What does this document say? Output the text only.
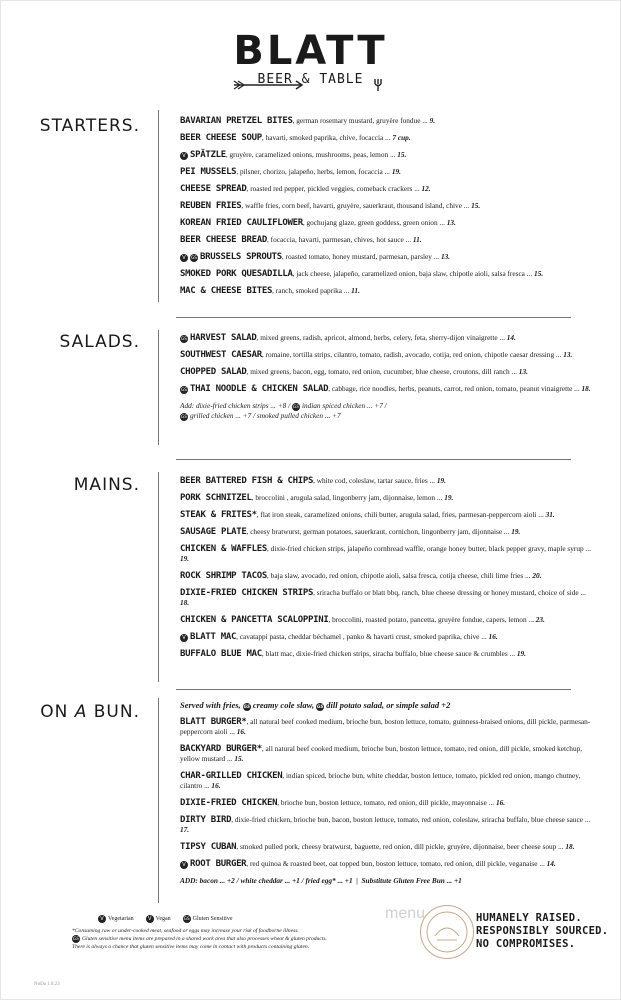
BLATT
BEER & TABLE
STARTERS.	BAVARIAN PRETZEL BITES, german rosemary mustard, gruyère fondue ... 9.
BEER CHEESE SOUP, havarti, smoked paprika, chive, focaccia ... 7 cup.
V SPÄTZLE, gruyère, caramelized onions, mushrooms, peas, lemon ... 15.
PEI MUSSELS, pilsner, chorizo, jalapeño, herbs, lemon, focaccia ... 19.
CHEESE SPREAD, roasted red pepper, pickled veggies, comeback crackers ... 12.
REUBEN FRIES, waffle fries, corn beef, havarti, gruyère, sauerkraut, thousand island, chive ... 15.
KOREAN FRIED CAULIFLOWER, gochujang glaze, green goddess, green onion ... 13.
BEER CHEESE BREAD, focaccia, havarti, parmesan, chives, hot sauce ... 11.
V GS BRUSSELS SPROUTS, roasted tomato, honey mustard, parmesan, parsley ... 13.
SMOKED PORK QUESADILLA, jack cheese, jalapeño, caramelized onion, baja slaw, chipotle aioli, salsa fresca ... 15.
MAC & CHEESE BITES, ranch, smoked paprika ... 11.
SALADS.	GS HARVEST SALAD, mixed greens, radish, apricot, almond, herbs, celery, feta, sherry-dijon vinaigrette ... 14.
SOUTHWEST CAESAR, romaine, tortilla strips, cilantro, tomato, radish, avocado, cotija, red onion, chipotle caesar dressing ... 13.
CHOPPED SALAD, mixed greens, bacon, egg, tomato, red onion, cucumber, blue cheese, croutons, dill ranch ... 13.
GS THAI NOODLE & CHICKEN SALAD, cabbage, rice noodles, herbs, peanuts, carrot, red onion, tomato, peanut vinaigrette ... 18.
Add: dixie-fried chicken strips ... +8 / GS indian spiced chicken ... +7 /
GS grilled chicken ... +7 / smoked pulled chicken ... +7
MAINS.	BEER BATTERED FISH & CHIPS, white cod, coleslaw, tartar sauce, fries ... 19.
PORK SCHNITZEL, broccolini , arugula salad, lingonberry jam, dijonnaise, lemon ... 19.
STEAK & FRITES*, flat iron steak, caramelized onions, chili butter, arugula salad, fries, parmesan-peppercorn aioli ... 31.
SAUSAGE PLATE, cheesy bratwurst, german potatoes, sauerkraut, cornichon, lingonberry jam, dijonnaise ... 19.
CHICKEN & WAFFLES, dixie-fried chicken strips, jalapeño cornbread waffle, orange honey butter, black pepper gravy, maple syrup ... 19.
ROCK SHRIMP TACOS, baja slaw, avocado, red onion, chipotle aioli, salsa fresca, cotija cheese, chili lime fries ... 20.
DIXIE-FRIED CHICKEN STRIPS, sriracha buffalo or blatt bbq, ranch, blue cheese dressing or honey mustard, choice of side ... 18.
CHICKEN & PANCETTA SCALOPPINI, broccolini, roasted potato, pancetta, gruyère fondue, capers, lemon ... 23.
V BLATT MAC, cavatappi pasta, cheddar béchamel , panko & havarti crust, smoked paprika, chive ... 16.
BUFFALO BLUE MAC, blatt mac, dixie-fried chicken strips, siracha buffalo, blue cheese sauce & crumbles ... 19.
ON A BUN.	Served with fries, GS creamy cole slaw, GS dill potato salad, or simple salad +2
BLATT BURGER*, all natural beef cooked medium, brioche bun, boston lettuce, tomato, guinness-braised onions, dill pickle, parmesan-peppercorn aioli ... 16.
BACKYARD BURGER*, all natural beef cooked medium, brioche bun, boston lettuce, tomato, red onion, dill pickle, smoked ketchup, yellow mustard ... 15.
CHAR-GRILLED CHICKEN, indian spiced, brioche bun, white cheddar, boston lettuce, tomato, pickled red onion, mango chutney, cilantro ... 16.
DIXIE-FRIED CHICKEN, brioche bun, boston lettuce, tomato, red onion, dill pickle, mayonnaise ... 16.
DIRTY BIRD, dixie-fried chicken, brioche bun, bacon, boston lettuce, tomato, red onion, coleslaw, sriracha buffalo, blue cheese sauce ... 17.
TIPSY CUBAN, smoked pulled pork, cheesy bratwurst, baguette, red onion, dill pickle, gruyère, dijonnaise, beer cheese soup ... 18.
V ROOT BURGER, red quinoa & roasted beet, oat topped bun, boston lettuce, tomato, red onion, dill pickle, veganaise ... 14.
ADD: bacon ... +2 / white cheddar ... +1 / fried egg* ... +1  |  Substitute Gluten Free Bun ... +1
V Vegetarian	V Vegan	GS Gluten Sensitive
*Consuming raw or under-cooked meat, seafood or eggs may increase your risk of foodborne illness.
GS Gluten sensitive menu items are prepared in a shared work area that also processes wheat & gluten products.
There is always a chance that gluten sensitive items may come in contact with products containing gluten.
menu	HUMANELY RAISED.
RESPONSIBLY SOURCED.
NO COMPROMISES.
NoDa 1.8.23
